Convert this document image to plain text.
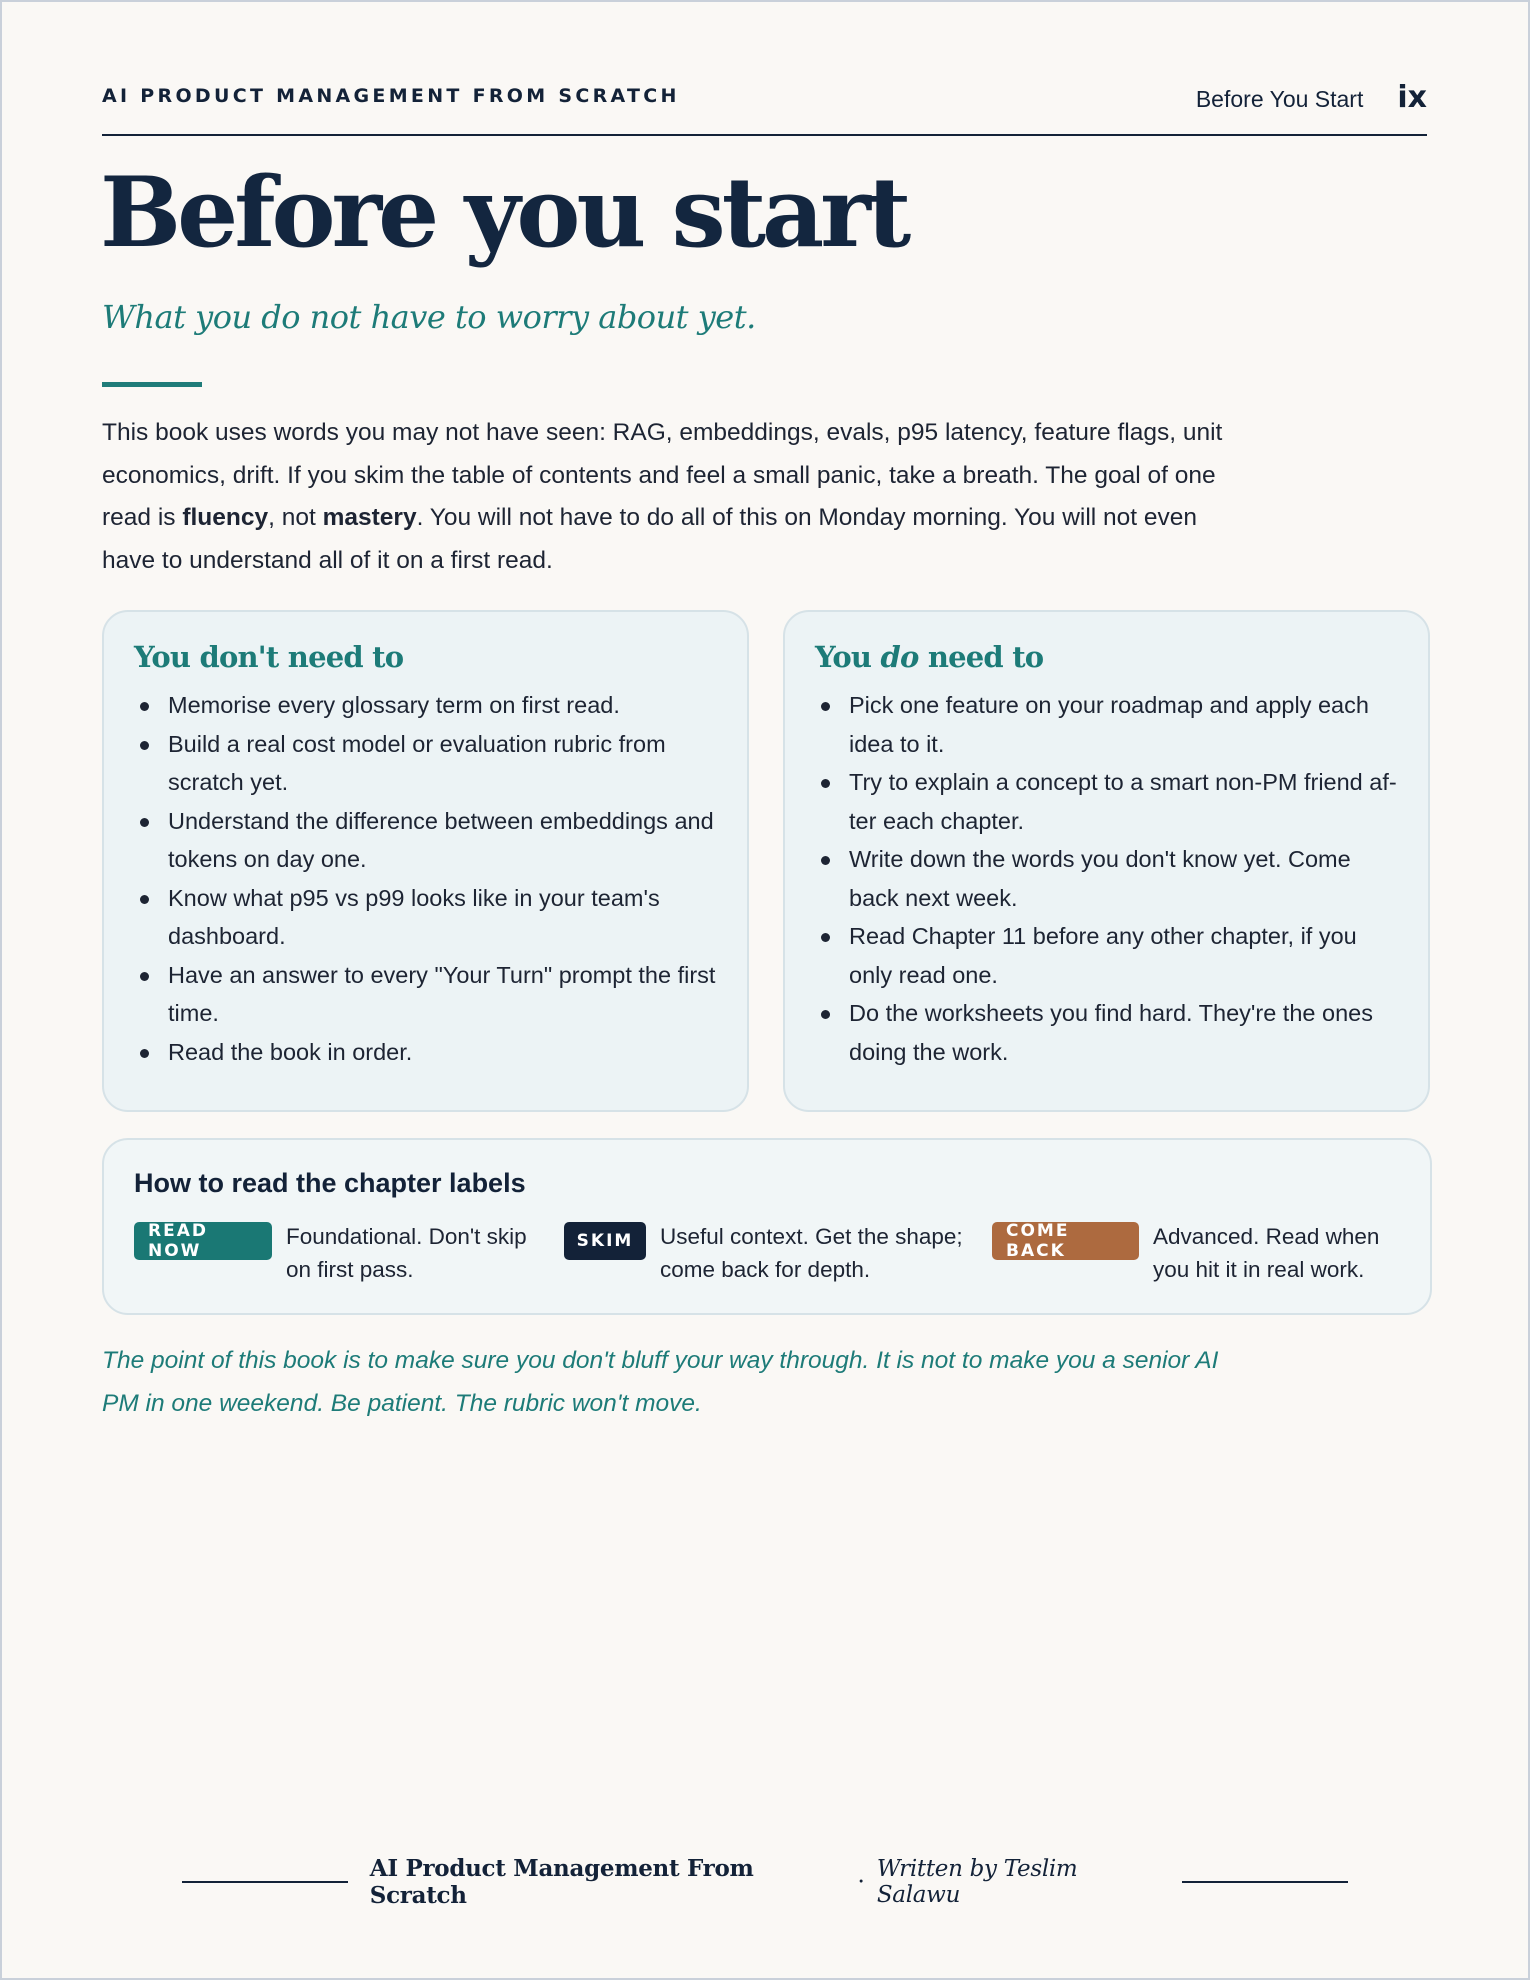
AI PRODUCT MANAGEMENT FROM SCRATCH	Before You Start ix
Before you start
What you do not have to worry about yet.

This book uses words you may not have seen: RAG, embeddings, evals, p95 latency, feature flags, unit economics, drift. If you skim the table of contents and feel a small panic, take a breath. The goal of one read is fluency, not mastery. You will not have to do all of this on Monday morning. You will not even have to understand all of it on a first read.

You don't need to
Memorise every glossary term on first read.
Build a real cost model or evaluation rubric from scratch yet.
Understand the difference between embeddings and tokens on day one.
Know what p95 vs p99 looks like in your team's dashboard.
Have an answer to every "Your Turn" prompt the first time.
Read the book in order.
You do need to
Pick one feature on your roadmap and apply each idea to it.
Try to explain a concept to a smart non-PM friend af-ter each chapter.
Write down the words you don't know yet. Come back next week.
Read Chapter 11 before any other chapter, if you only read one.
Do the worksheets you find hard. They're the ones doing the work.
How to read the chapter labels
READ NOW
Foundational. Don't skip
on first pass.
SKIM	Useful context. Get the shape;
come back for depth.
COME BACK
Advanced. Read when
you hit it in real work.

The point of this book is to make sure you don't bluff your way through. It is not to make you a senior AI PM in one weekend. Be patient. The rubric won't move.

AI Product Management From Scratch	· Written by Teslim Salawu
